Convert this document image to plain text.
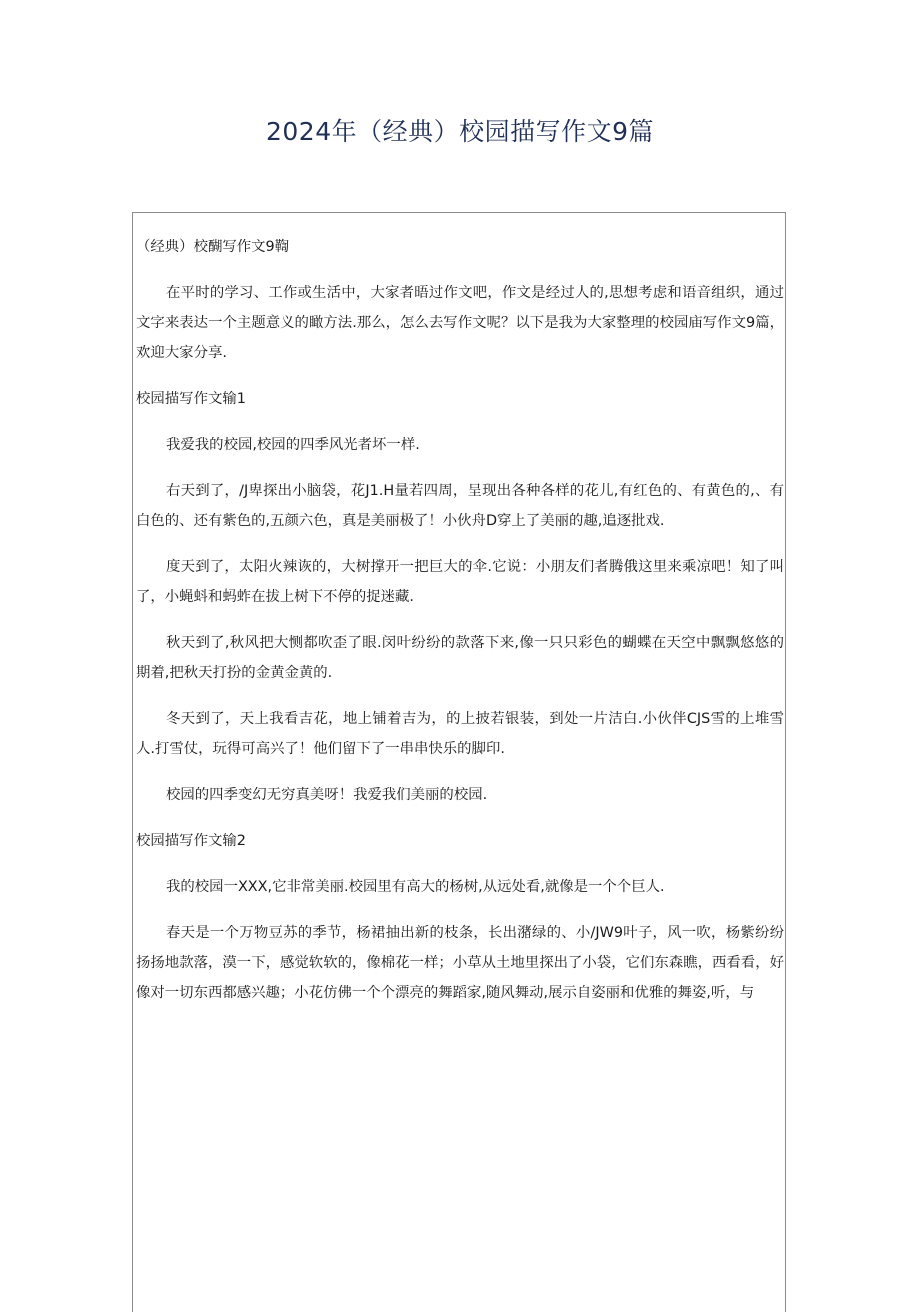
2024年（经典）校园描写作文9篇

（经典）校醐写作文9鞫

在平时的学习、工作或生活中，大家者晤过作文吧，作文是经过人的,思想考虑和语音组织，通过文字来表达一个主题意义的瞰方法.那么，怎么去写作文呢？以下是我为大家整理的校园庙写作文9篇，欢迎大家分享.

校园描写作文输1

我爱我的校园,校园的四季风光者坏一样.

右天到了，/J卑探出小脑袋，花J1.H量若四周，呈现出各种各样的花儿,有红色的、有黄色的,、有白色的、还有紫色的,五颜六色，真是美丽极了！小伙舟D穿上了美丽的趣,追逐批戏.

度天到了，太阳火辣诙的，大树撑开一把巨大的伞.它说：小朋友们者腾俄这里来乘凉吧！知了叫了，小蝇蚪和蚂蚱在拔上树下不停的捉迷藏.

秋天到了,秋风把大恻都吹歪了眼.闵叶纷纷的款落下来,像一只只彩色的蝴蝶在天空中飘飘悠悠的期着,把秋天打扮的金黄金黄的.

冬天到了，天上我看吉花，地上铺着吉为，的上披若银装，到处一片洁白.小伙伴CJS雪的上堆雪人.打雪仗，玩得可高兴了！他们留下了一串串快乐的脚印.

校园的四季变幻无穷真美呀！我爱我们美丽的校园.

校园描写作文输2

我的校园一XXX,它非常美丽.校园里有高大的杨树,从远处看,就像是一个个巨人.

春天是一个万物豆苏的季节，杨裙抽出新的枝条，长出潴绿的、小/JW9叶子，风一吹，杨紫纷纷扬扬地款落，漠一下，感觉软软的，像棉花一样；小草从土地里探出了小袋，它们东森瞧，西看看，好像对一切东西都感兴趣；小花仿佛一个个漂亮的舞蹈家,随风舞动,展示自姿丽和优雅的舞姿,听，与
